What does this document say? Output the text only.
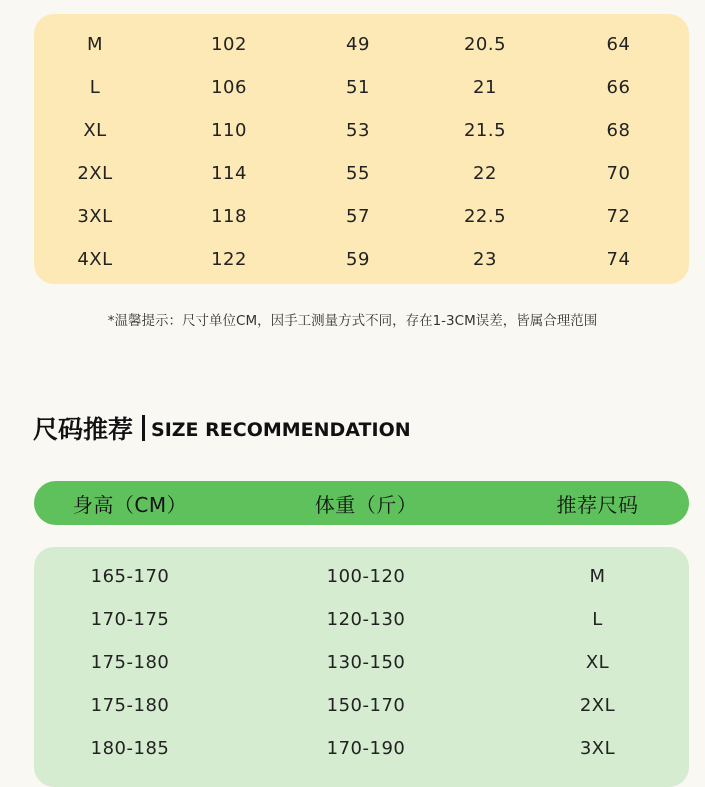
M	102	49	20.5	64
L	106	51	21	66
XL	110	53	21.5	68
2XL	114	55	22	70
3XL	118	57	22.5	72
4XL	122	59	23	74
*温馨提示：尺寸单位CM，因手工测量方式不同，存在1-3CM误差，皆属合理范围
尺码推荐 SIZE RECOMMENDATION
身高（CM）	体重（斤）	推荐尺码
165-170	100-120	M
170-175	120-130	L
175-180	130-150	XL
175-180	150-170	2XL
180-185	170-190	3XL
